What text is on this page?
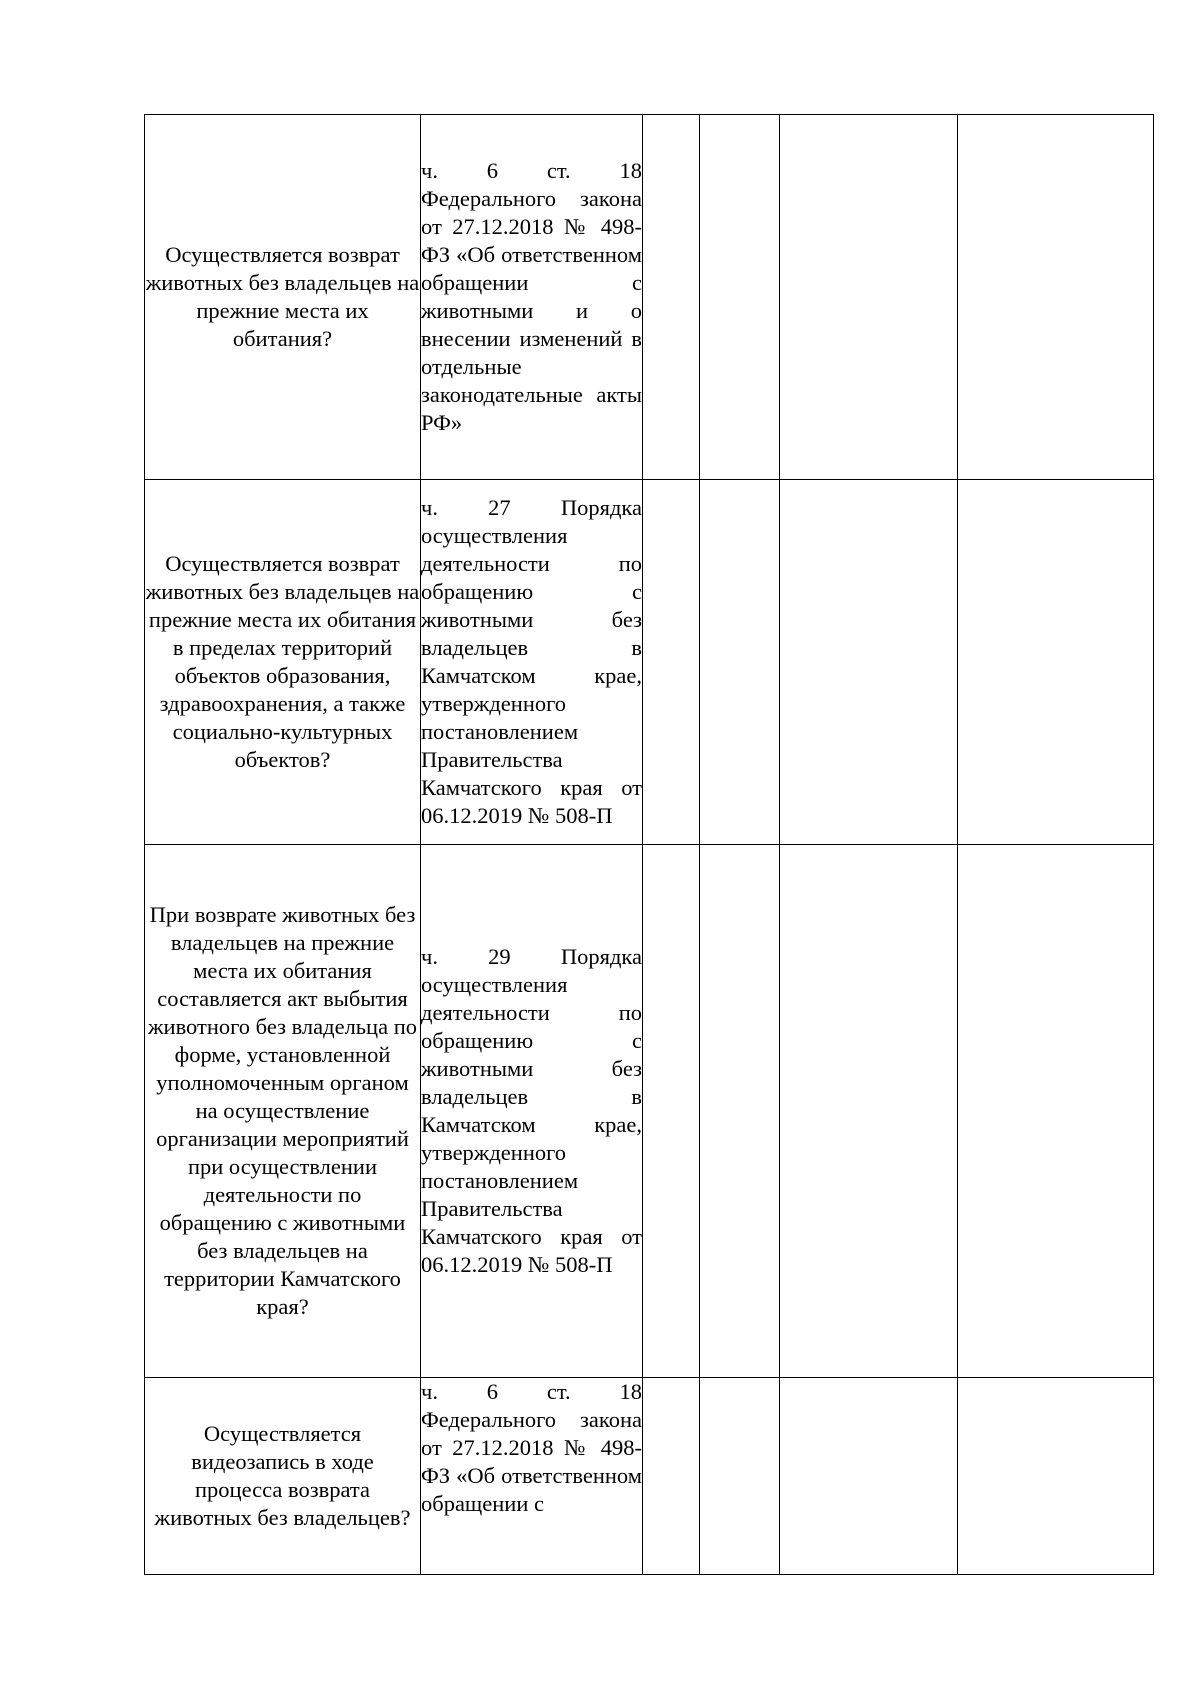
Осуществляется возврат животных без владельцев на прежние места их обитания?	ч. 6 ст. 18 Федерального закона от 27.12.2018 № 498-ФЗ «Об ответственном обращении с животными и о внесении изменений в отдельные законодательные акты РФ»				

Осуществляется возврат животных без владельцев на прежние места их обитания в пределах территорий объектов образования, здравоохранения, а также социально-культурных объектов?	ч. 27 Порядка осуществления деятельности по обращению с животными без владельцев в Камчатском крае, утвержденного постановлением Правительства Камчатского края от 06.12.2019 № 508-П				

При возврате животных без владельцев на прежние места их обитания составляется акт выбытия животного без владельца по форме, установленной уполномоченным органом на осуществление организации мероприятий при осуществлении деятельности по обращению с животными без владельцев на территории Камчатского края?	ч. 29 Порядка осуществления деятельности по обращению с животными без владельцев в Камчатском крае, утвержденного постановлением Правительства Камчатского края от 06.12.2019 № 508-П				

Осуществляется видеозапись в ходе процесса возврата животных без владельцев?	ч. 6 ст. 18 Федерального закона от 27.12.2018 № 498-ФЗ «Об ответственном обращении с				
